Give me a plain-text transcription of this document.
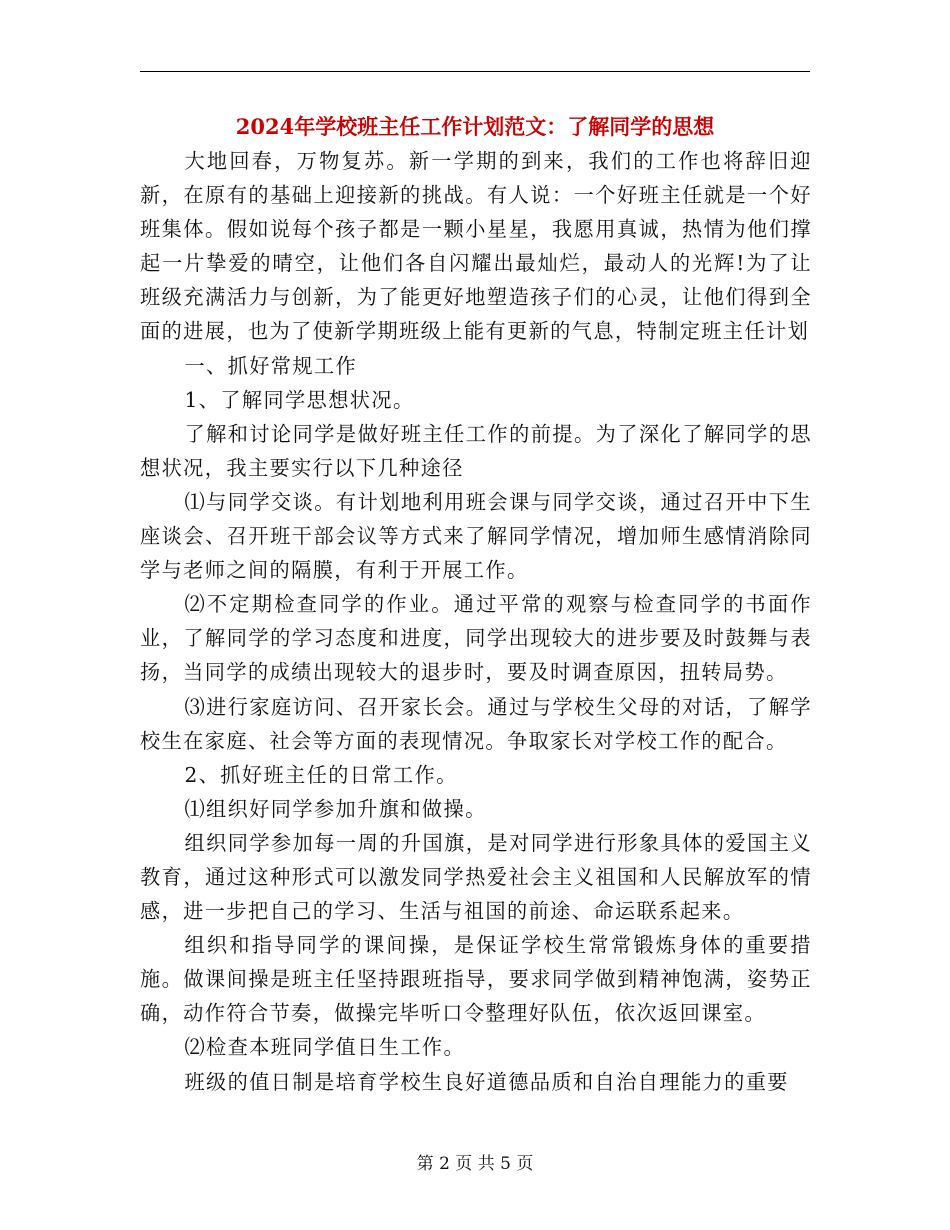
2024年学校班主任工作计划范文：了解同学的思想

大地回春，万物复苏。新一学期的到来，我们的工作也将辞旧迎新，在原有的基础上迎接新的挑战。有人说：一个好班主任就是一个好班集体。假如说每个孩子都是一颗小星星，我愿用真诚，热情为他们撑起一片挚爱的晴空，让他们各自闪耀出最灿烂，最动人的光辉!为了让班级充满活力与创新，为了能更好地塑造孩子们的心灵，让他们得到全面的进展，也为了使新学期班级上能有更新的气息，特制定班主任计划

一、抓好常规工作

1、了解同学思想状况。

了解和讨论同学是做好班主任工作的前提。为了深化了解同学的思想状况，我主要实行以下几种途径

⑴与同学交谈。有计划地利用班会课与同学交谈，通过召开中下生座谈会、召开班干部会议等方式来了解同学情况，增加师生感情消除同学与老师之间的隔膜，有利于开展工作。

⑵不定期检查同学的作业。通过平常的观察与检查同学的书面作业，了解同学的学习态度和进度，同学出现较大的进步要及时鼓舞与表扬，当同学的成绩出现较大的退步时，要及时调查原因，扭转局势。

⑶进行家庭访问、召开家长会。通过与学校生父母的对话，了解学校生在家庭、社会等方面的表现情况。争取家长对学校工作的配合。

2、抓好班主任的日常工作。

⑴组织好同学参加升旗和做操。

组织同学参加每一周的升国旗，是对同学进行形象具体的爱国主义教育，通过这种形式可以激发同学热爱社会主义祖国和人民解放军的情感，进一步把自己的学习、生活与祖国的前途、命运联系起来。

组织和指导同学的课间操，是保证学校生常常锻炼身体的重要措施。做课间操是班主任坚持跟班指导，要求同学做到精神饱满，姿势正确，动作符合节奏，做操完毕听口令整理好队伍，依次返回课室。

⑵检查本班同学值日生工作。

班级的值日制是培育学校生良好道德品质和自治自理能力的重要

第 2 页 共 5 页
